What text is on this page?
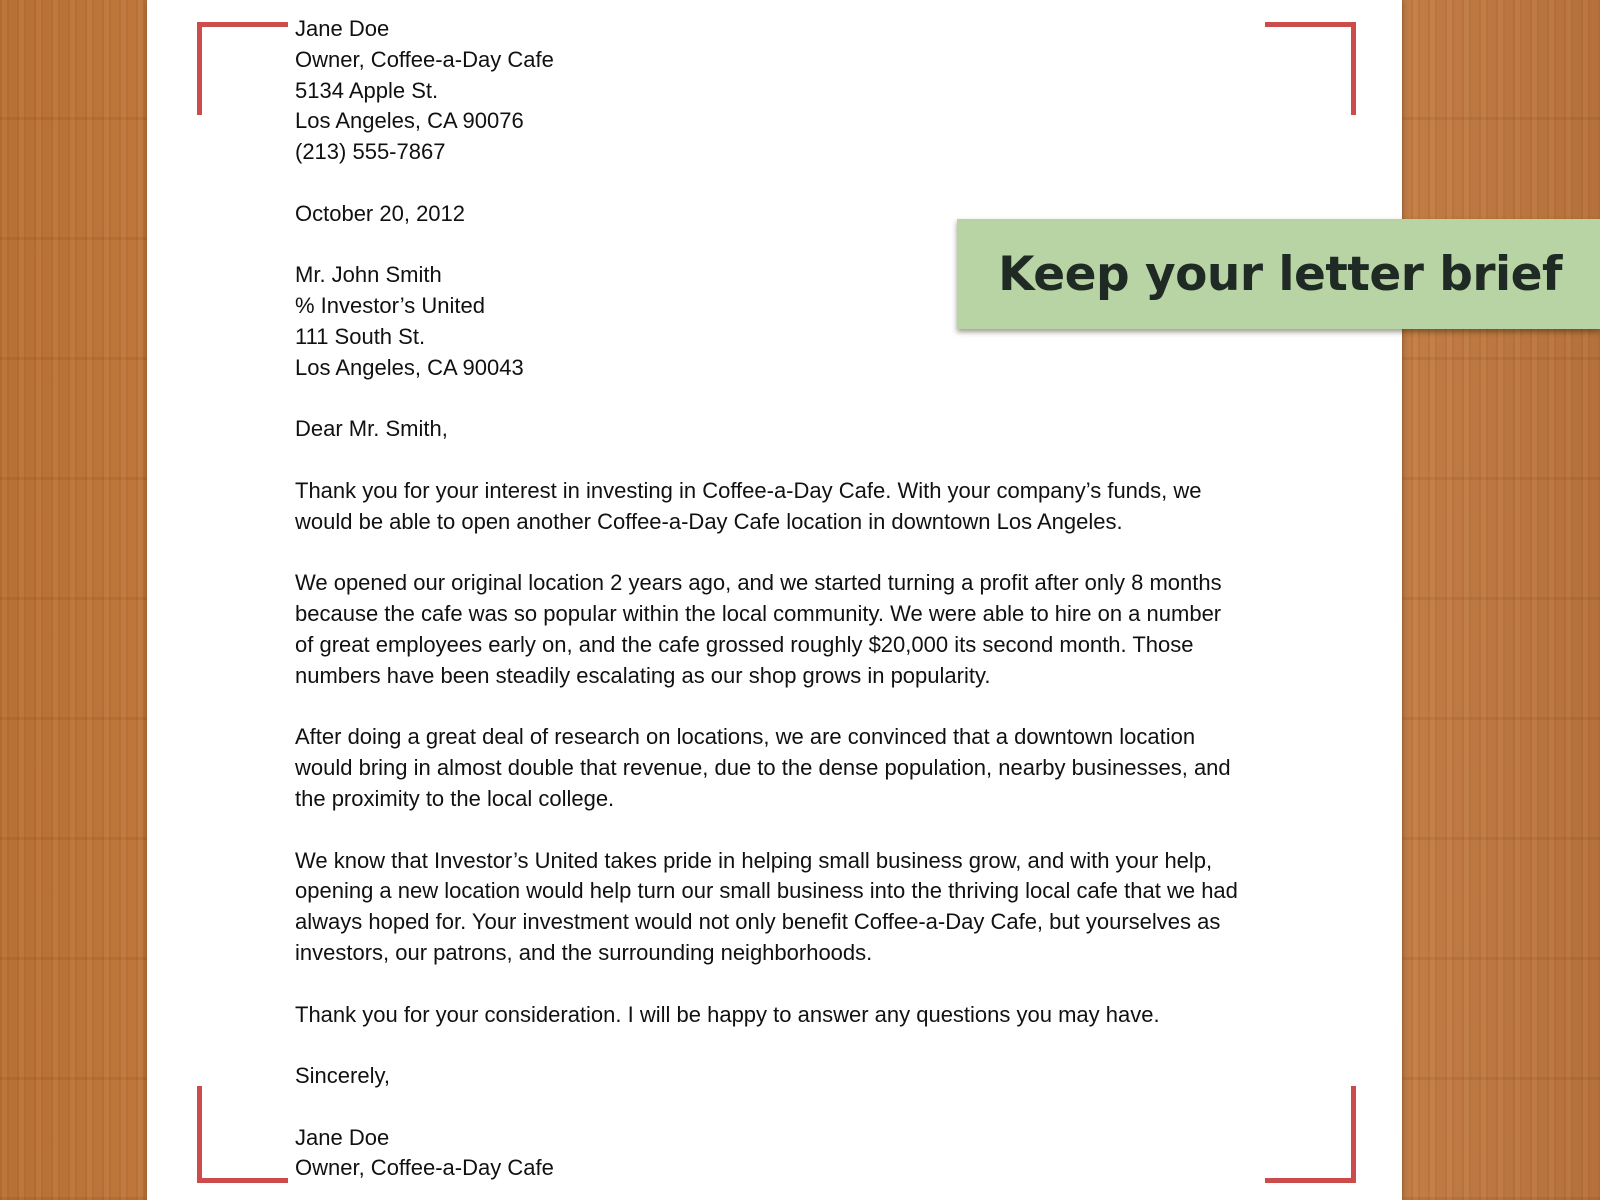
Jane Doe
Owner, Coffee-a-Day Cafe
5134 Apple St.
Los Angeles, CA 90076
(213) 555-7867
October 20, 2012
Mr. John Smith
% Investor’s United
111 South St.
Los Angeles, CA 90043
Dear Mr. Smith,

Thank you for your interest in investing in Coffee-a-Day Cafe. With your company’s funds, we
would be able to open another Coffee-a-Day Cafe location in downtown Los Angeles.

We opened our original location 2 years ago, and we started turning a profit after only 8 months
because the cafe was so popular within the local community. We were able to hire on a number
of great employees early on, and the cafe grossed roughly $20,000 its second month. Those
numbers have been steadily escalating as our shop grows in popularity.

After doing a great deal of research on locations, we are convinced that a downtown location
would bring in almost double that revenue, due to the dense population, nearby businesses, and
the proximity to the local college.

We know that Investor’s United takes pride in helping small business grow, and with your help,
opening a new location would help turn our small business into the thriving local cafe that we had
always hoped for. Your investment would not only benefit Coffee-a-Day Cafe, but yourselves as
investors, our patrons, and the surrounding neighborhoods.

Thank you for your consideration. I will be happy to answer any questions you may have.

Sincerely,
Jane Doe
Owner, Coffee-a-Day Cafe
Keep your letter brief
